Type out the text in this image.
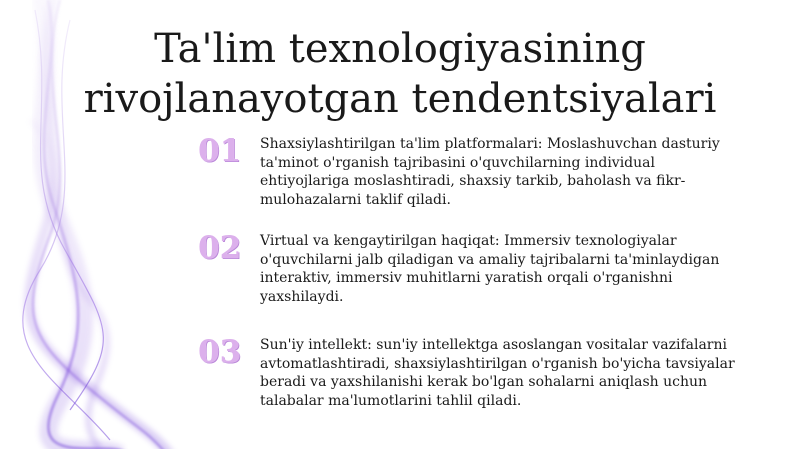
Ta'lim texnologiyasining rivojlanayotgan tendentsiyalari
01	Shaxsiylashtirilgan ta'lim platformalari: Moslashuvchan dasturiy ta'minot o'rganish tajribasini o'quvchilarning individual ehtiyojlariga moslashtiradi, shaxsiy tarkib, baholash va fikr-mulohazalarni taklif qiladi.

02	Virtual va kengaytirilgan haqiqat: Immersiv texnologiyalar o'quvchilarni jalb qiladigan va amaliy tajribalarni ta'minlaydigan interaktiv, immersiv muhitlarni yaratish orqali o'rganishni yaxshilaydi.

03	Sun'iy intellekt: sun'iy intellektga asoslangan vositalar vazifalarni avtomatlashtiradi, shaxsiylashtirilgan o'rganish bo'yicha tavsiyalar beradi va yaxshilanishi kerak bo'lgan sohalarni aniqlash uchun talabalar ma'lumotlarini tahlil qiladi.
